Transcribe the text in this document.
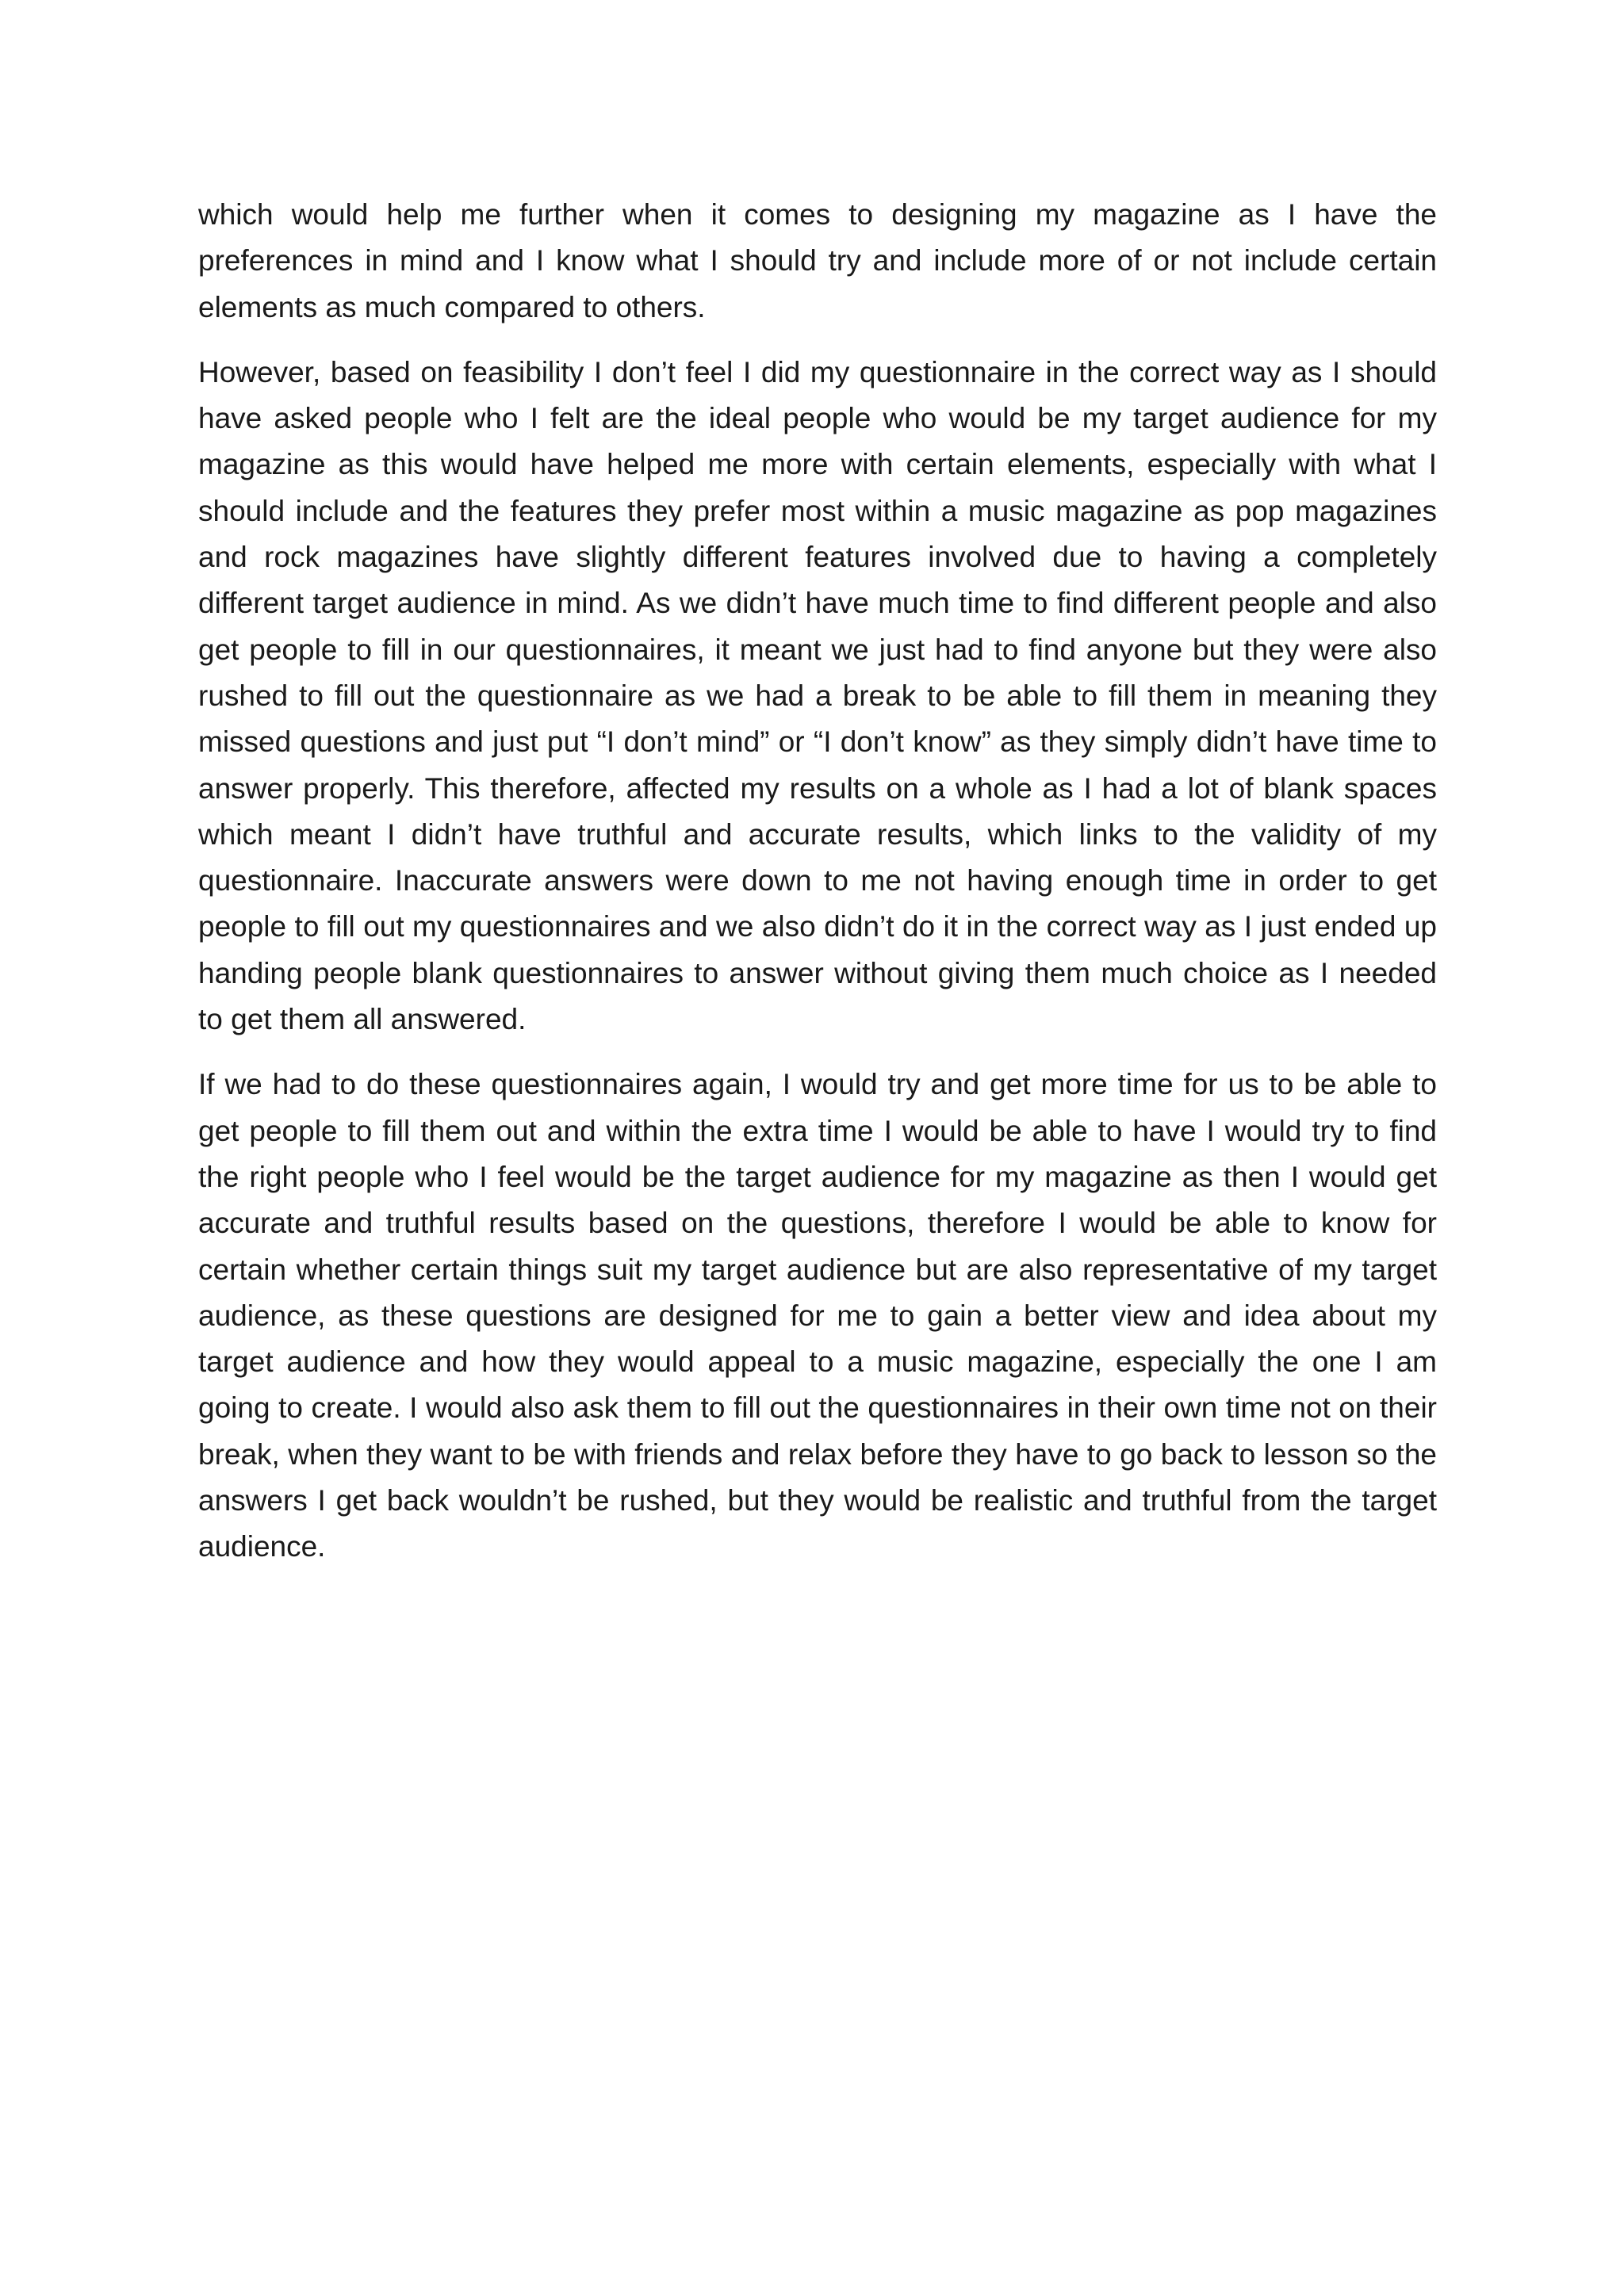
which would help me further when it comes to designing my magazine as I have the preferences in mind and I know what I should try and include more of or not include certain elements as much compared to others.

However, based on feasibility I don’t feel I did my questionnaire in the correct way as I should have asked people who I felt are the ideal people who would be my target audience for my magazine as this would have helped me more with certain elements, especially with what I should include and the features they prefer most within a music magazine as pop magazines and rock magazines have slightly different features involved due to having a completely different target audience in mind. As we didn’t have much time to find different people and also get people to fill in our questionnaires, it meant we just had to find anyone but they were also rushed to fill out the questionnaire as we had a break to be able to fill them in meaning they missed questions and just put “I don’t mind” or “I don’t know” as they simply didn’t have time to answer properly. This therefore, affected my results on a whole as I had a lot of blank spaces which meant I didn’t have truthful and accurate results, which links to the validity of my questionnaire. Inaccurate answers were down to me not having enough time in order to get people to fill out my questionnaires and we also didn’t do it in the correct way as I just ended up handing people blank questionnaires to answer without giving them much choice as I needed to get them all answered.

If we had to do these questionnaires again, I would try and get more time for us to be able to get people to fill them out and within the extra time I would be able to have I would try to find the right people who I feel would be the target audience for my magazine as then I would get accurate and truthful results based on the questions, therefore I would be able to know for certain whether certain things suit my target audience but are also representative of my target audience, as these questions are designed for me to gain a better view and idea about my target audience and how they would appeal to a music magazine, especially the one I am going to create. I would also ask them to fill out the questionnaires in their own time not on their break, when they want to be with friends and relax before they have to go back to lesson so the answers I get back wouldn’t be rushed, but they would be realistic and truthful from the target audience.
